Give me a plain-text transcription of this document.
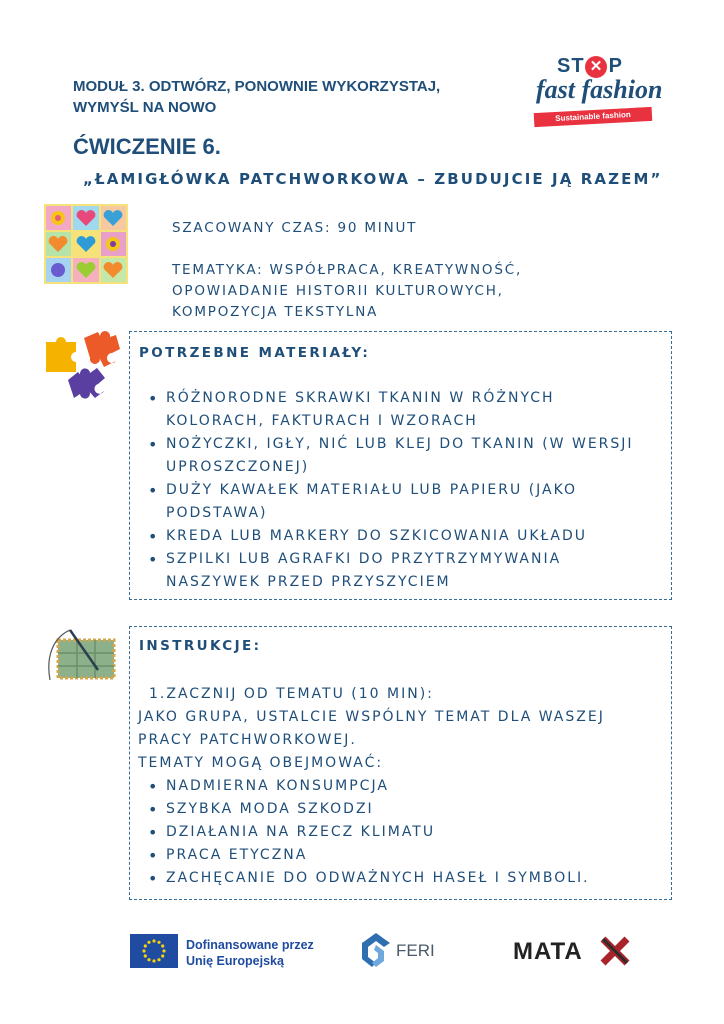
MODUŁ 3. ODTWÓRZ, PONOWNIE WYKORZYSTAJ,
WYMYŚL NA NOWO
ĆWICZENIE 6.
„ŁAMIGŁÓWKA PATCHWORKOWA – ZBUDUJCIE JĄ RAZEM”
ST P
✕
fast fashion
Sustainable fashion
SZACOWANY CZAS: 90 MINUT
TEMATYKA: WSPÓŁPRACA, KREATYWNOŚĆ,
OPOWIADANIE HISTORII KULTUROWYCH,
KOMPOZYCJA TEKSTYLNA
POTRZEBNE MATERIAŁY:
• RÓŻNORODNE SKRAWKI TKANIN W RÓŻNYCH
KOLORACH, FAKTURACH I WZORACH
• NOŻYCZKI, IGŁY, NIĆ LUB KLEJ DO TKANIN (W WERSJI
UPROSZCZONEJ)
• DUŻY KAWAŁEK MATERIAŁU LUB PAPIERU (JAKO
PODSTAWA)
• KREDA LUB MARKERY DO SZKICOWANIA UKŁADU
• SZPILKI LUB AGRAFKI DO PRZYTRZYMYWANIA
NASZYWEK PRZED PRZYSZYCIEM
INSTRUKCJE:
1.ZACZNIJ OD TEMATU (10 MIN):
JAKO GRUPA, USTALCIE WSPÓLNY TEMAT DLA WASZEJ
PRACY PATCHWORKOWEJ.
TEMATY MOGĄ OBEJMOWAĆ:
• NADMIERNA KONSUMPCJA
• SZYBKA MODA SZKODZI
• DZIAŁANIA NA RZECZ KLIMATU
• PRACA ETYCZNA
• ZACHĘCANIE DO ODWAŻNYCH HASEŁ I SYMBOLI.
Dofinansowane przez
Unię Europejską
FERI	MATA
